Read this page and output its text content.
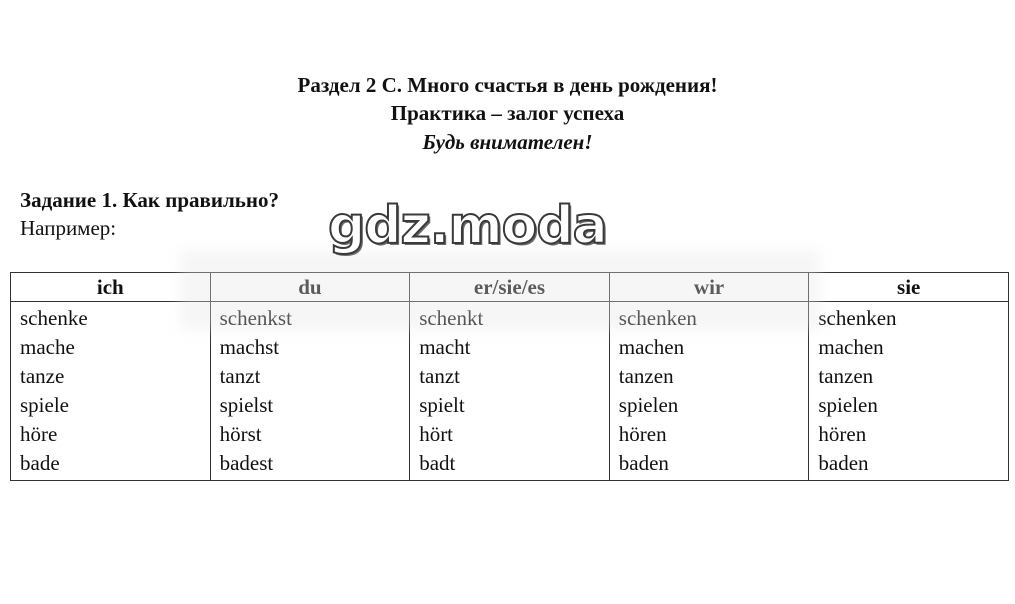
Раздел 2 С. Много счастья в день рождения!
Практика – залог успеха
Будь внимателен!
Задание 1. Как правильно?
Например:
ich	du	er/sie/es	wir	sie
schenke	schenkst	schenkt	schenken	schenken
mache	machst	macht	machen	machen
tanze	tanzt	tanzt	tanzen	tanzen
spiele	spielst	spielt	spielen	spielen
höre	hörst	hört	hören	hören
bade	badest	badt	baden	baden
gdz.moda
